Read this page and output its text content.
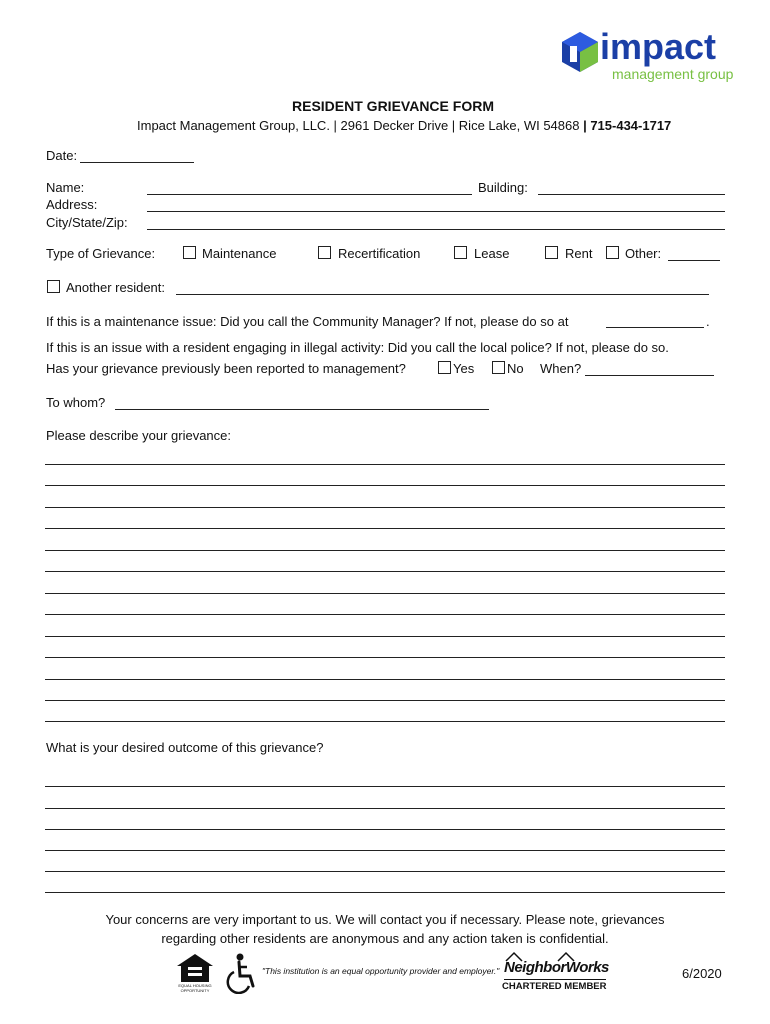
impact
management group
RESIDENT GRIEVANCE FORM
Impact Management Group, LLC. | 2961 Decker Drive | Rice Lake, WI 54868 | 715-434-1717
Date:
Name:	Building:
Address:
City/State/Zip:
Type of Grievance:	Maintenance	Recertification	Lease	Rent	Other:
Another resident:
If this is a maintenance issue: Did you call the Community Manager? If not, please do so at	.
If this is an issue with a resident engaging in illegal activity: Did you call the local police? If not, please do so.
Has your grievance previously been reported to management?	Yes	No When?
To whom?
Please describe your grievance:
What is your desired outcome of this grievance?
Your concerns are very important to us. We will contact you if necessary. Please note, grievances
regarding other residents are anonymous and any action taken is confidential.
EQUAL HOUSING OPPORTUNITY
"This institution is an equal opportunity provider and employer." NeighborWorks
CHARTERED MEMBER
6/2020
